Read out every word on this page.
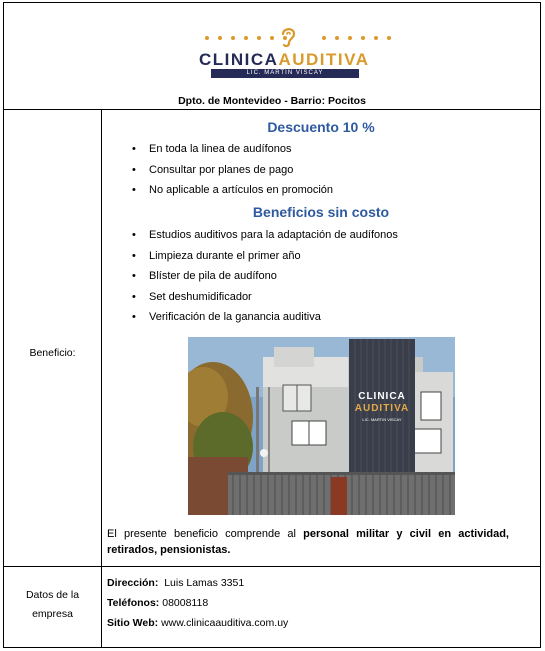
CLINICAAUDITIVA
LIC. MARTÍN VISCAY
Dpto. de Montevideo - Barrio: Pocitos
Beneficio:
Descuento 10 %
• En toda la linea de audífonos
• Consultar por planes de pago
• No aplicable a artículos en promoción
Beneficios sin costo
• Estudios auditivos para la adaptación de audífonos
• Limpieza durante el primer año
• Blíster de pila de audífono
• Set deshumidificador
• Verificación de la ganancia auditiva
CLINICA
AUDITIVA
LIC. MARTIN VISCAY
El presente beneficio comprende al personal militar y civil en actividad, retirados, pensionistas.
Datos de la
empresa
Dirección: Luis Lamas 3351
Teléfonos: 08008118
Sitio Web: www.clinicaauditiva.com.uy
